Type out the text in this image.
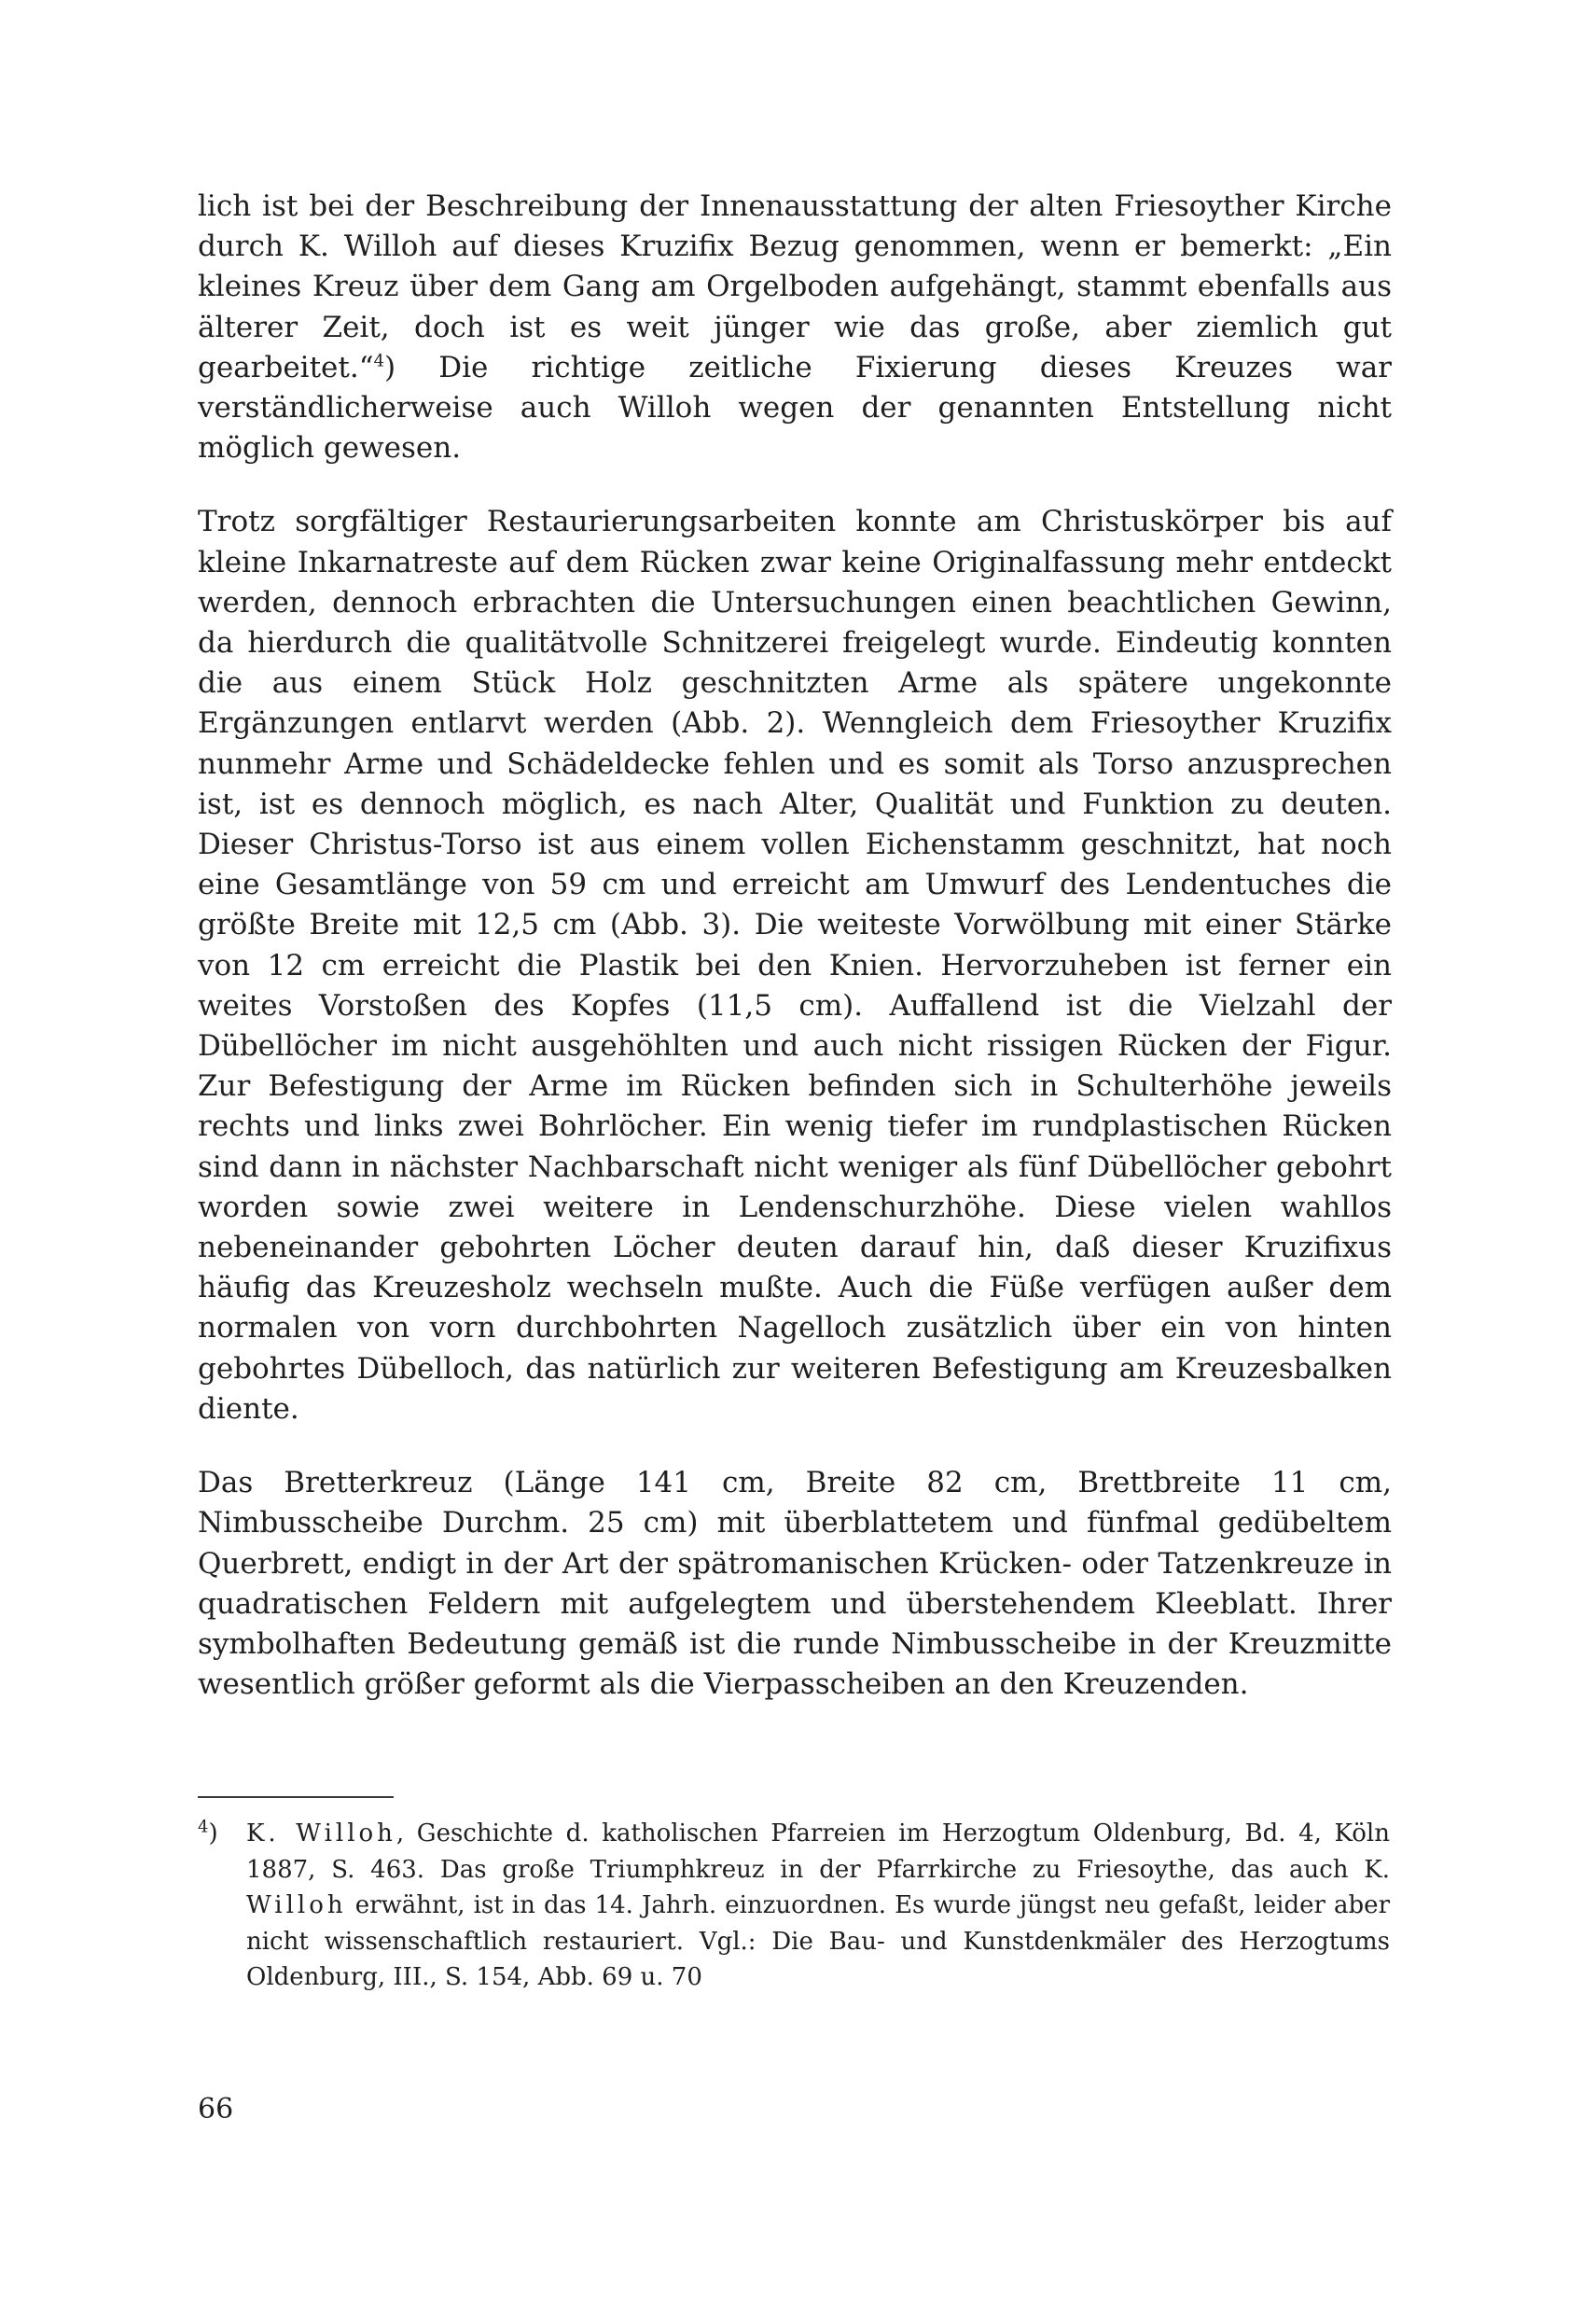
lich ist bei der Beschreibung der Innenausstattung der alten Friesoyther Kirche durch K. Willoh auf dieses Kruzifix Bezug genommen, wenn er bemerkt: „Ein kleines Kreuz über dem Gang am Orgelboden aufgehängt, stammt ebenfalls aus älterer Zeit, doch ist es weit jünger wie das große, aber ziemlich gut gearbeitet.“$^4$) Die richtige zeitliche Fixierung dieses Kreuzes war verständlicherweise auch Willoh wegen der genannten Entstellung nicht möglich gewesen.

Trotz sorgfältiger Restaurierungsarbeiten konnte am Christuskörper bis auf kleine Inkarnatreste auf dem Rücken zwar keine Originalfassung mehr entdeckt werden, dennoch erbrachten die Untersuchungen einen beachtlichen Gewinn, da hierdurch die qualitätvolle Schnitzerei freigelegt wurde. Eindeutig konnten die aus einem Stück Holz geschnitzten Arme als spätere ungekonnte Ergänzungen entlarvt werden (Abb. 2). Wenngleich dem Friesoyther Kruzifix nunmehr Arme und Schädeldecke fehlen und es somit als Torso anzusprechen ist, ist es dennoch möglich, es nach Alter, Qualität und Funktion zu deuten. Dieser Christus-Torso ist aus einem vollen Eichenstamm geschnitzt, hat noch eine Gesamtlänge von 59 cm und erreicht am Umwurf des Lendentuches die größte Breite mit 12,5 cm (Abb. 3). Die weiteste Vorwölbung mit einer Stärke von 12 cm erreicht die Plastik bei den Knien. Hervorzuheben ist ferner ein weites Vorstoßen des Kopfes (11,5 cm). Auffallend ist die Vielzahl der Dübellöcher im nicht ausgehöhlten und auch nicht rissigen Rücken der Figur. Zur Befestigung der Arme im Rücken befinden sich in Schulterhöhe jeweils rechts und links zwei Bohrlöcher. Ein wenig tiefer im rundplastischen Rücken sind dann in nächster Nachbarschaft nicht weniger als fünf Dübellöcher gebohrt worden sowie zwei weitere in Lendenschurzhöhe. Diese vielen wahllos nebeneinander gebohrten Löcher deuten darauf hin, daß dieser Kruzifixus häufig das Kreuzesholz wechseln mußte. Auch die Füße verfügen außer dem normalen von vorn durchbohrten Nagelloch zusätzlich über ein von hinten gebohrtes Dübelloch, das natürlich zur weiteren Befestigung am Kreuzesbalken diente.

Das Bretterkreuz (Länge 141 cm, Breite 82 cm, Brettbreite 11 cm, Nimbusscheibe Durchm. 25 cm) mit überblattetem und fünfmal gedübeltem Querbrett, endigt in der Art der spätromanischen Krücken- oder Tatzenkreuze in quadratischen Feldern mit aufgelegtem und überstehendem Kleeblatt. Ihrer symbolhaften Bedeutung gemäß ist die runde Nimbusscheibe in der Kreuzmitte wesentlich größer geformt als die Vierpasscheiben an den Kreuzenden.

$^4$) K. Willoh, Geschichte d. katholischen Pfarreien im Herzogtum Oldenburg, Bd. 4, Köln 1887, S. 463. Das große Triumphkreuz in der Pfarrkirche zu Friesoythe, das auch K. Willoh erwähnt, ist in das 14. Jahrh. einzuordnen. Es wurde jüngst neu gefaßt, leider aber nicht wissenschaftlich restauriert. Vgl.: Die Bau- und Kunstdenkmäler des Herzogtums Oldenburg, III., S. 154, Abb. 69 u. 70
66
